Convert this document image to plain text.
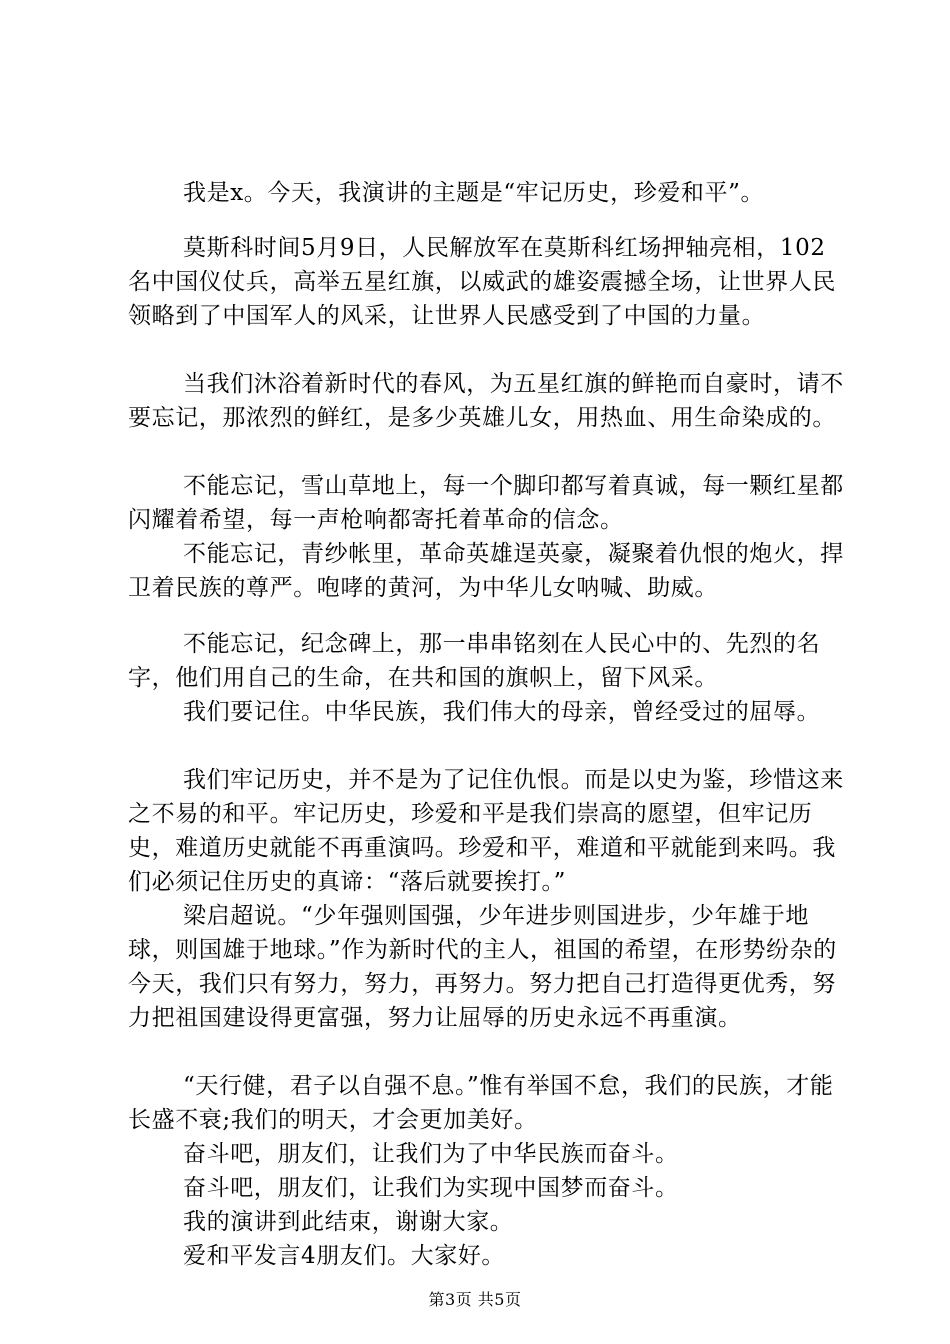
我是x。今天，我演讲的主题是“牢记历史，珍爱和平”。

莫斯科时间5月9日，人民解放军在莫斯科红场押轴亮相，102名中国仪仗兵，高举五星红旗，以威武的雄姿震撼全场，让世界人民领略到了中国军人的风采，让世界人民感受到了中国的力量。

当我们沐浴着新时代的春风，为五星红旗的鲜艳而自豪时，请不要忘记，那浓烈的鲜红，是多少英雄儿女，用热血、用生命染成的。

不能忘记，雪山草地上，每一个脚印都写着真诚，每一颗红星都闪耀着希望，每一声枪响都寄托着革命的信念。

不能忘记，青纱帐里，革命英雄逞英豪，凝聚着仇恨的炮火，捍卫着民族的尊严。咆哮的黄河，为中华儿女呐喊、助威。

不能忘记，纪念碑上，那一串串铭刻在人民心中的、先烈的名字，他们用自己的生命，在共和国的旗帜上，留下风采。

我们要记住。中华民族，我们伟大的母亲，曾经受过的屈辱。

我们牢记历史，并不是为了记住仇恨。而是以史为鉴，珍惜这来之不易的和平。牢记历史，珍爱和平是我们崇高的愿望，但牢记历史，难道历史就能不再重演吗。珍爱和平，难道和平就能到来吗。我们必须记住历史的真谛：“落后就要挨打。”

梁启超说。“少年强则国强，少年进步则国进步，少年雄于地球，则国雄于地球。”作为新时代的主人，祖国的希望，在形势纷杂的今天，我们只有努力，努力，再努力。努力把自己打造得更优秀，努力把祖国建设得更富强，努力让屈辱的历史永远不再重演。

“天行健，君子以自强不息。”惟有举国不怠，我们的民族，才能长盛不衰;我们的明天，才会更加美好。

奋斗吧，朋友们，让我们为了中华民族而奋斗。

奋斗吧，朋友们，让我们为实现中国梦而奋斗。

我的演讲到此结束，谢谢大家。

爱和平发言4朋友们。大家好。

第3页 共5页
